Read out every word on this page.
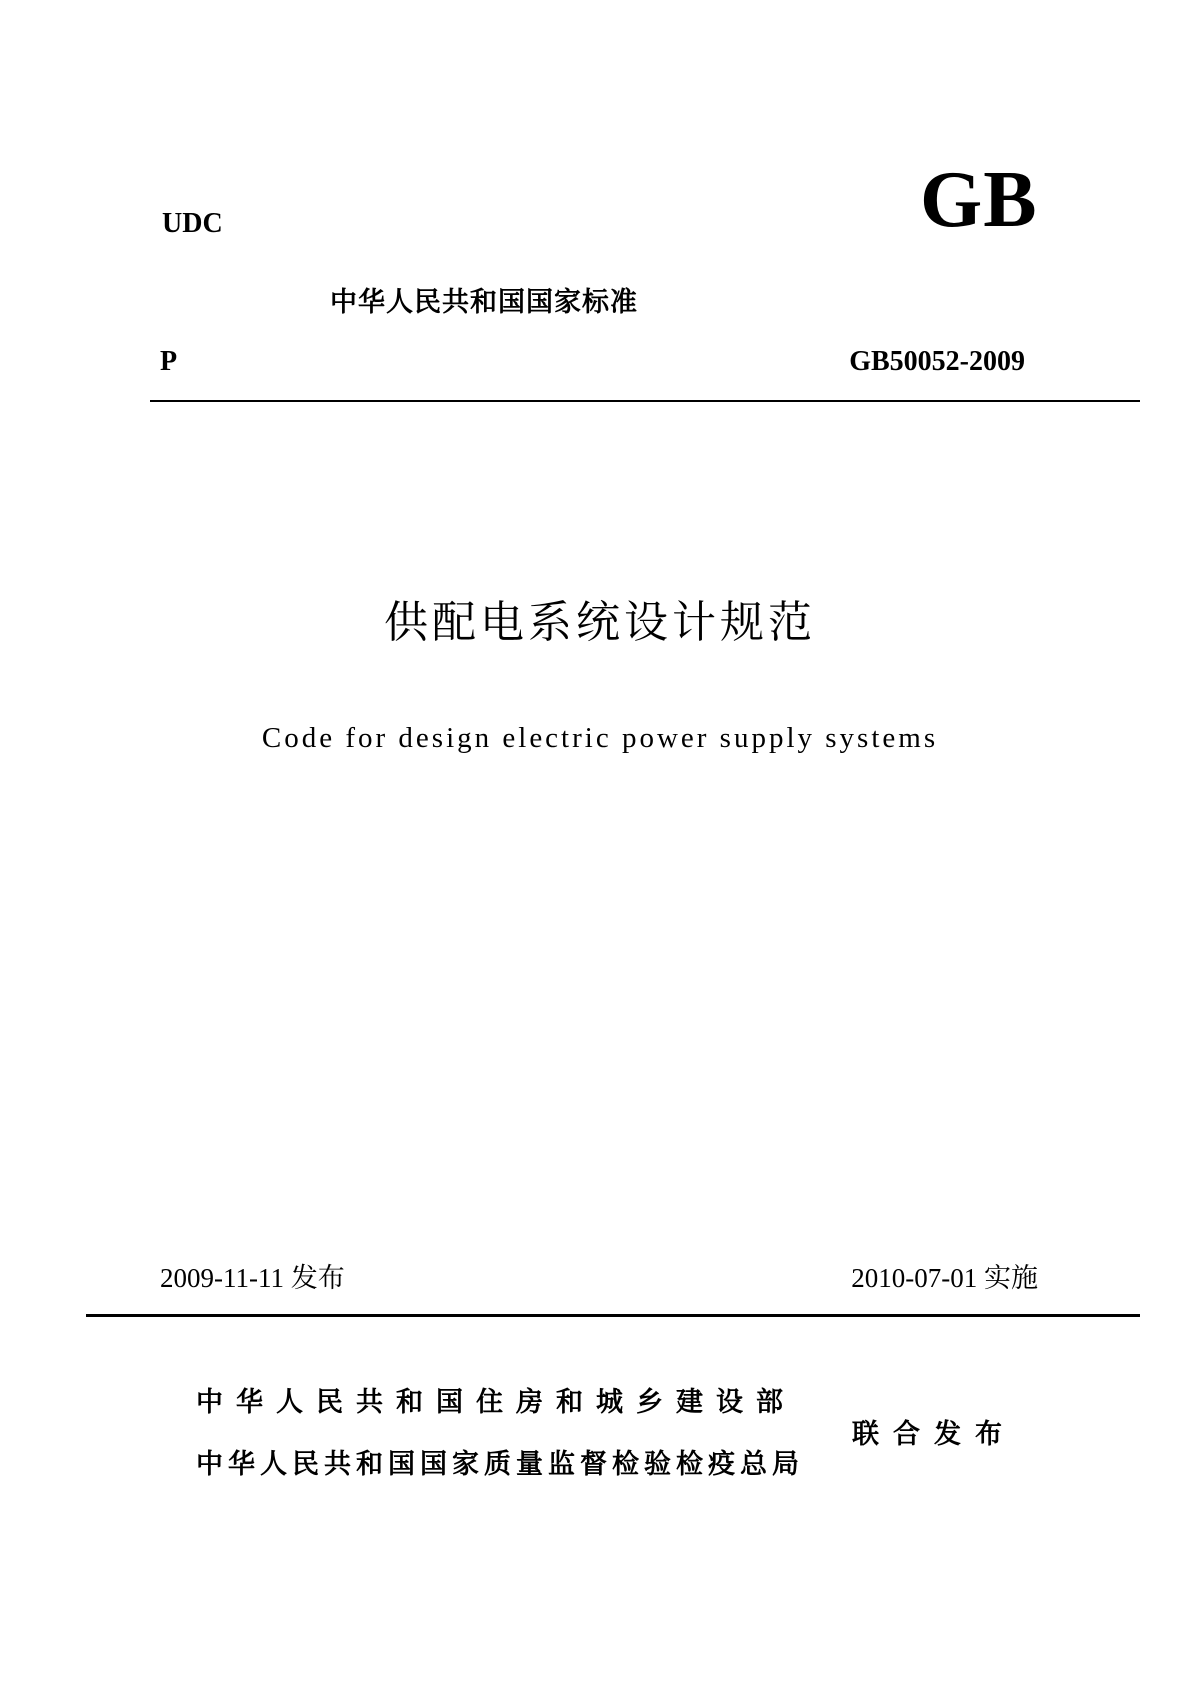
UDC	GB
中华人民共和国国家标准
P	GB50052-2009
供配电系统设计规范
Code for design electric power supply systems
2009-11-11 发布	2010-07-01 实施
中华人民共和国住房和城乡建设部
中华人民共和国国家质量监督检验检疫总局
联合发布
